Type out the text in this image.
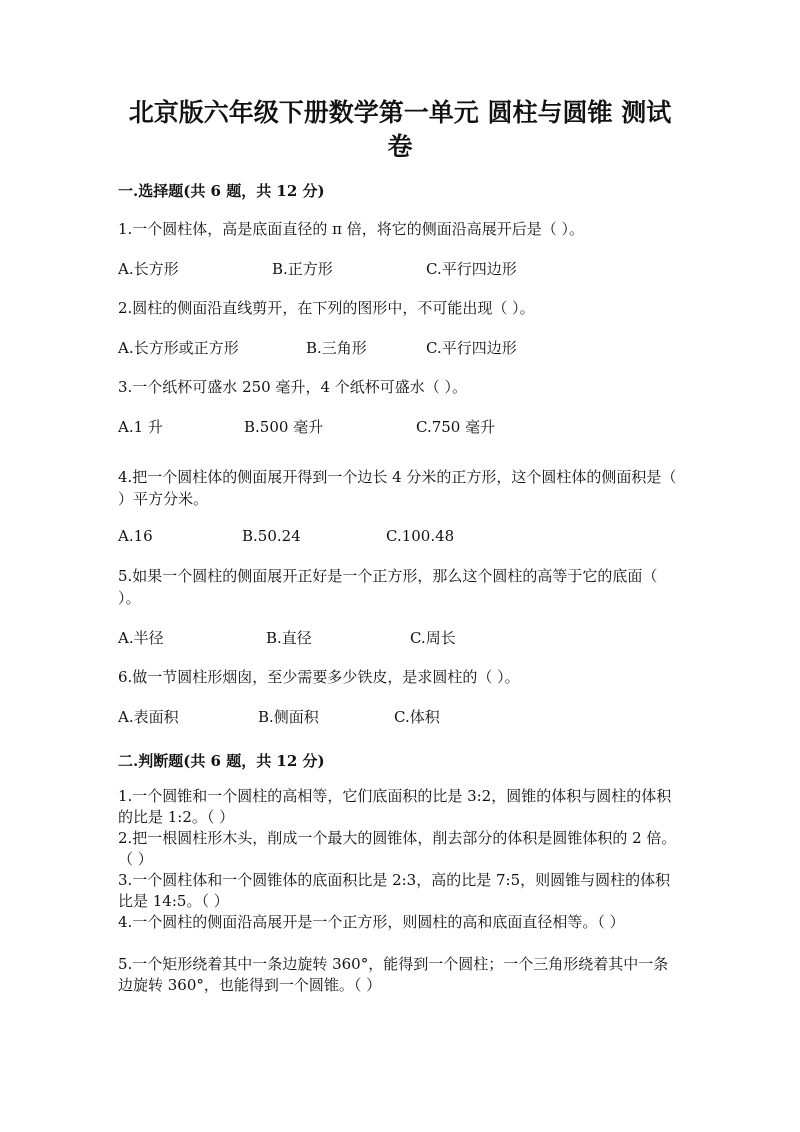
北京版六年级下册数学第一单元 圆柱与圆锥 测试卷
一.选择题(共 6 题，共 12 分)
1.一个圆柱体，高是底面直径的 π 倍，将它的侧面沿高展开后是（ ）。
A.长方形	B.正方形	C.平行四边形
2.圆柱的侧面沿直线剪开，在下列的图形中，不可能出现（ ）。
A.长方形或正方形	B.三角形	C.平行四边形
3.一个纸杯可盛水 250 毫升，4 个纸杯可盛水（ ）。
A.1 升	B.500 毫升	C.750 毫升
4.把一个圆柱体的侧面展开得到一个边长 4 分米的正方形，这个圆柱体的侧面积是（ ）平方分米。
A.16	B.50.24	C.100.48
5.如果一个圆柱的侧面展开正好是一个正方形，那么这个圆柱的高等于它的底面（ ）。
A.半径	B.直径	C.周长
6.做一节圆柱形烟囱，至少需要多少铁皮，是求圆柱的（ ）。
A.表面积	B.侧面积	C.体积
二.判断题(共 6 题，共 12 分)
1.一个圆锥和一个圆柱的高相等，它们底面积的比是 3:2，圆锥的体积与圆柱的体积的比是 1:2。（ ）
2.把一根圆柱形木头，削成一个最大的圆锥体，削去部分的体积是圆锥体积的 2 倍。（ ）
3.一个圆柱体和一个圆锥体的底面积比是 2:3，高的比是 7:5，则圆锥与圆柱的体积比是 14:5。（ ）
4.一个圆柱的侧面沿高展开是一个正方形，则圆柱的高和底面直径相等。（ ）
5.一个矩形绕着其中一条边旋转 360°，能得到一个圆柱；一个三角形绕着其中一条边旋转 360°，也能得到一个圆锥。（ ）
